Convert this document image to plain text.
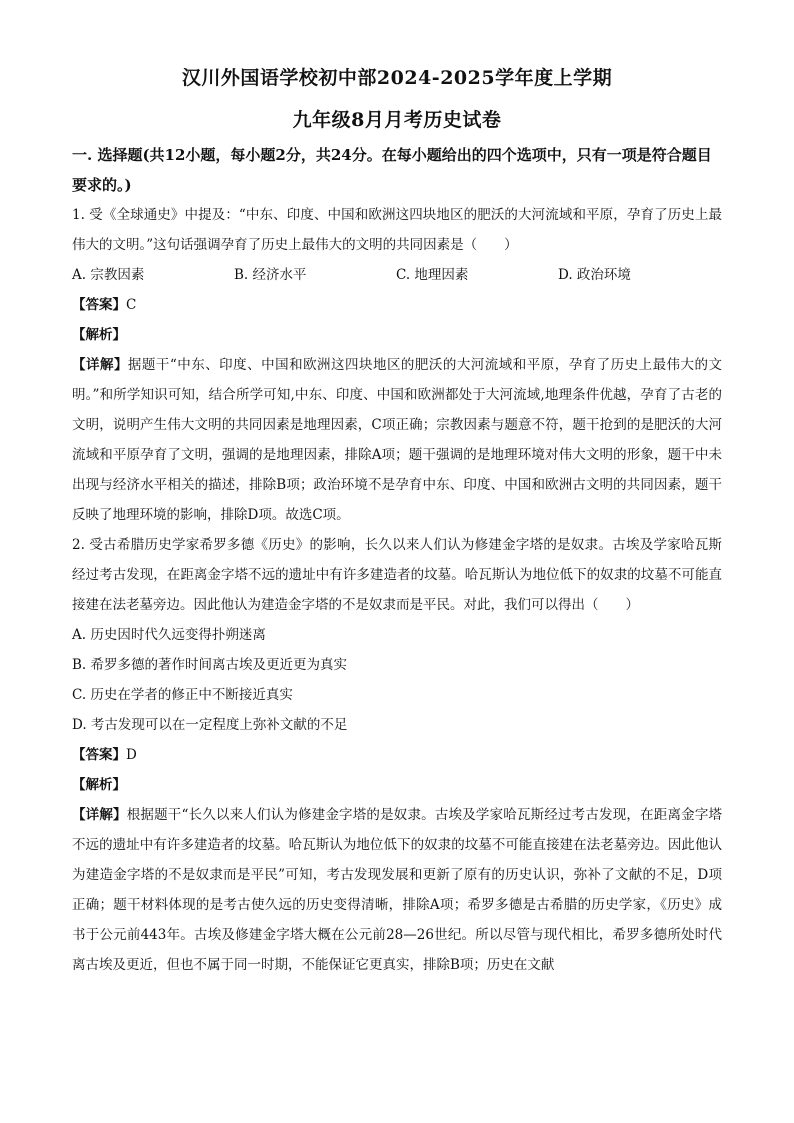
汉川外国语学校初中部2024-2025学年度上学期
九年级8月月考历史试卷
一. 选择题(共12小题，每小题2分，共24分。在每小题给出的四个选项中，只有一项是符合题目要求的。)

1. 受《全球通史》中提及：“中东、印度、中国和欧洲这四块地区的肥沃的大河流域和平原，孕育了历史上最伟大的文明。”这句话强调孕育了历史上最伟大的文明的共同因素是（　　）

A. 宗教因素	B. 经济水平	C. 地理因素	D. 政治环境

【答案】C

【解析】

【详解】据题干“中东、印度、中国和欧洲这四块地区的肥沃的大河流域和平原，孕育了历史上最伟大的文明。”和所学知识可知，结合所学可知,中东、印度、中国和欧洲都处于大河流域,地理条件优越，孕育了古老的文明，说明产生伟大文明的共同因素是地理因素，C项正确；宗教因素与题意不符，题干抢到的是肥沃的大河流域和平原孕育了文明，强调的是地理因素，排除A项；题干强调的是地理环境对伟大文明的形象，题干中未出现与经济水平相关的描述，排除B项；政治环境不是孕育中东、印度、中国和欧洲古文明的共同因素，题干反映了地理环境的影响，排除D项。故选C项。

2. 受古希腊历史学家希罗多德《历史》的影响，长久以来人们认为修建金字塔的是奴隶。古埃及学家哈瓦斯经过考古发现，在距离金字塔不远的遗址中有许多建造者的坟墓。哈瓦斯认为地位低下的奴隶的坟墓不可能直接建在法老墓旁边。因此他认为建造金字塔的不是奴隶而是平民。对此，我们可以得出（　　）

A. 历史因时代久远变得扑朔迷离
B. 希罗多德的著作时间离古埃及更近更为真实
C. 历史在学者的修正中不断接近真实
D. 考古发现可以在一定程度上弥补文献的不足

【答案】D

【解析】

【详解】根据题干“长久以来人们认为修建金字塔的是奴隶。古埃及学家哈瓦斯经过考古发现，在距离金字塔不远的遗址中有许多建造者的坟墓。哈瓦斯认为地位低下的奴隶的坟墓不可能直接建在法老墓旁边。因此他认为建造金字塔的不是奴隶而是平民”可知，考古发现发展和更新了原有的历史认识，弥补了文献的不足，D项正确；题干材料体现的是考古使久远的历史变得清晰，排除A项；希罗多德是古希腊的历史学家，《历史》成书于公元前443年。古埃及修建金字塔大概在公元前28—26世纪。所以尽管与现代相比，希罗多德所处时代离古埃及更近，但也不属于同一时期，不能保证它更真实，排除B项；历史在文献
